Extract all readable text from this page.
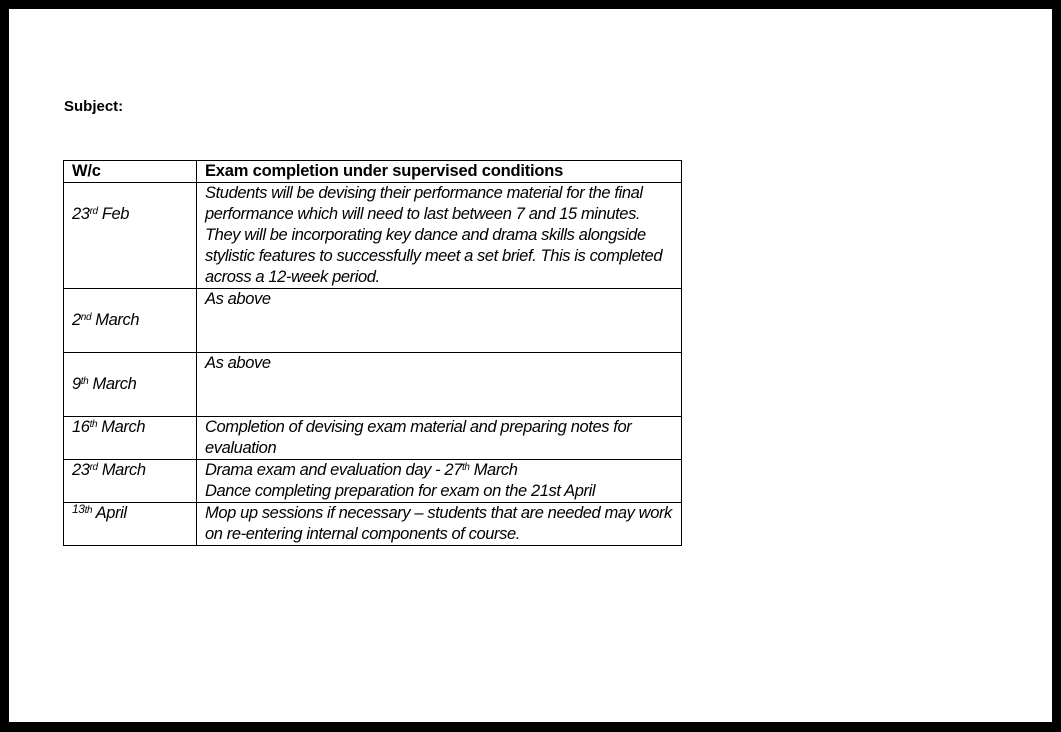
Subject:
W/c	Exam completion under supervised conditions

23rd Feb	Students will be devising their performance material for the final performance which will need to last between 7 and 15 minutes. They will be incorporating key dance and drama skills alongside stylistic features to successfully meet a set brief. This is completed across a 12-week period.

2nd March	As above

9th March	As above

16th March	Completion of devising exam material and preparing notes for evaluation
23rd March	Drama exam and evaluation day - 27th March
Dance completing preparation for exam on the 21st April
$^{13th}$ April	Mop up sessions if necessary – students that are needed may work on re-entering internal components of course.
